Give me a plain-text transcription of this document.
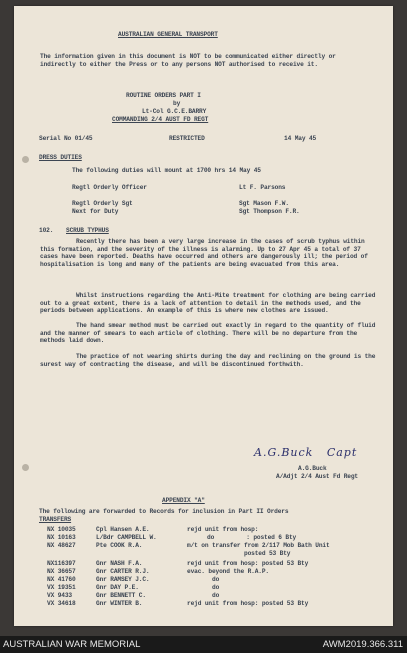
AUSTRALIAN GENERAL TRANSPORT
The information given in this document is NOT to be communicated either directly or indirectly to either the Press or to any persons NOT authorised to receive it.
ROUTINE ORDERS PART I
by
Lt-Col G.C.E.BARRY
COMMANDING 2/4 AUST FD REGT
Serial No 01/45	RESTRICTED	14 May 45
DRESS DUTIES
The following duties will mount at 1700 hrs 14 May 45
Regtl Orderly Officer	Lt F. Parsons
Regtl Orderly Sgt	Sgt Mason F.W.
Next for Duty	Sgt Thompson F.R.
102. SCRUB TYPHUS
Recently there has been a very large increase in the cases of scrub typhus within this formation, and the severity of the illness is alarming. Up to 27 Apr 45 a total of 37 cases have been reported. Deaths have occurred and others are dangerously ill; the period of hospitalisation is long and many of the patients are being evacuated from this area.
Whilst instructions regarding the Anti-Mite treatment for clothing are being carried out to a great extent, there is a lack of attention to detail in the methods used, and the periods between applications. An example of this is where new clothes are issued.
The hand smear method must be carried out exactly in regard to the quantity of fluid and the manner of smears to each article of clothing. There will be no departure from the methods laid down.
The practice of not wearing shirts during the day and reclining on the ground is the surest way of contracting the disease, and will be discontinued forthwith.
A.G.Buck   Capt
A.G.Buck
A/Adjt 2/4 Aust Fd Regt
APPENDIX "A"
The following are forwarded to Records for inclusion in Part II Orders
TRANSFERS
NX 10035	Cpl Hansen A.E.	rejd unit from hosp:
NX 10163	L/Bdr CAMPBELL W.	do         : posted 6 Bty
NX 48627	Pte COOK R.A.	m/t on transfer from 2/117 Mob Bath Unit
posted 53 Bty
NX116397	Gnr NASH F.A.	rejd unit from hosp: posted 53 Bty
NX 36657	Gnr CARTER R.J.	evac. beyond the R.A.P.
NX 41760	Gnr RAMSEY J.C.	do
VX 19351	Gnr DAY P.E.	do
VX 9433	Gnr BENNETT C.	do
VX 34618	Gnr WINTER B.	rejd unit from hosp: posted 53 Bty
AUSTRALIAN WAR MEMORIAL	AWM2019.366.311
